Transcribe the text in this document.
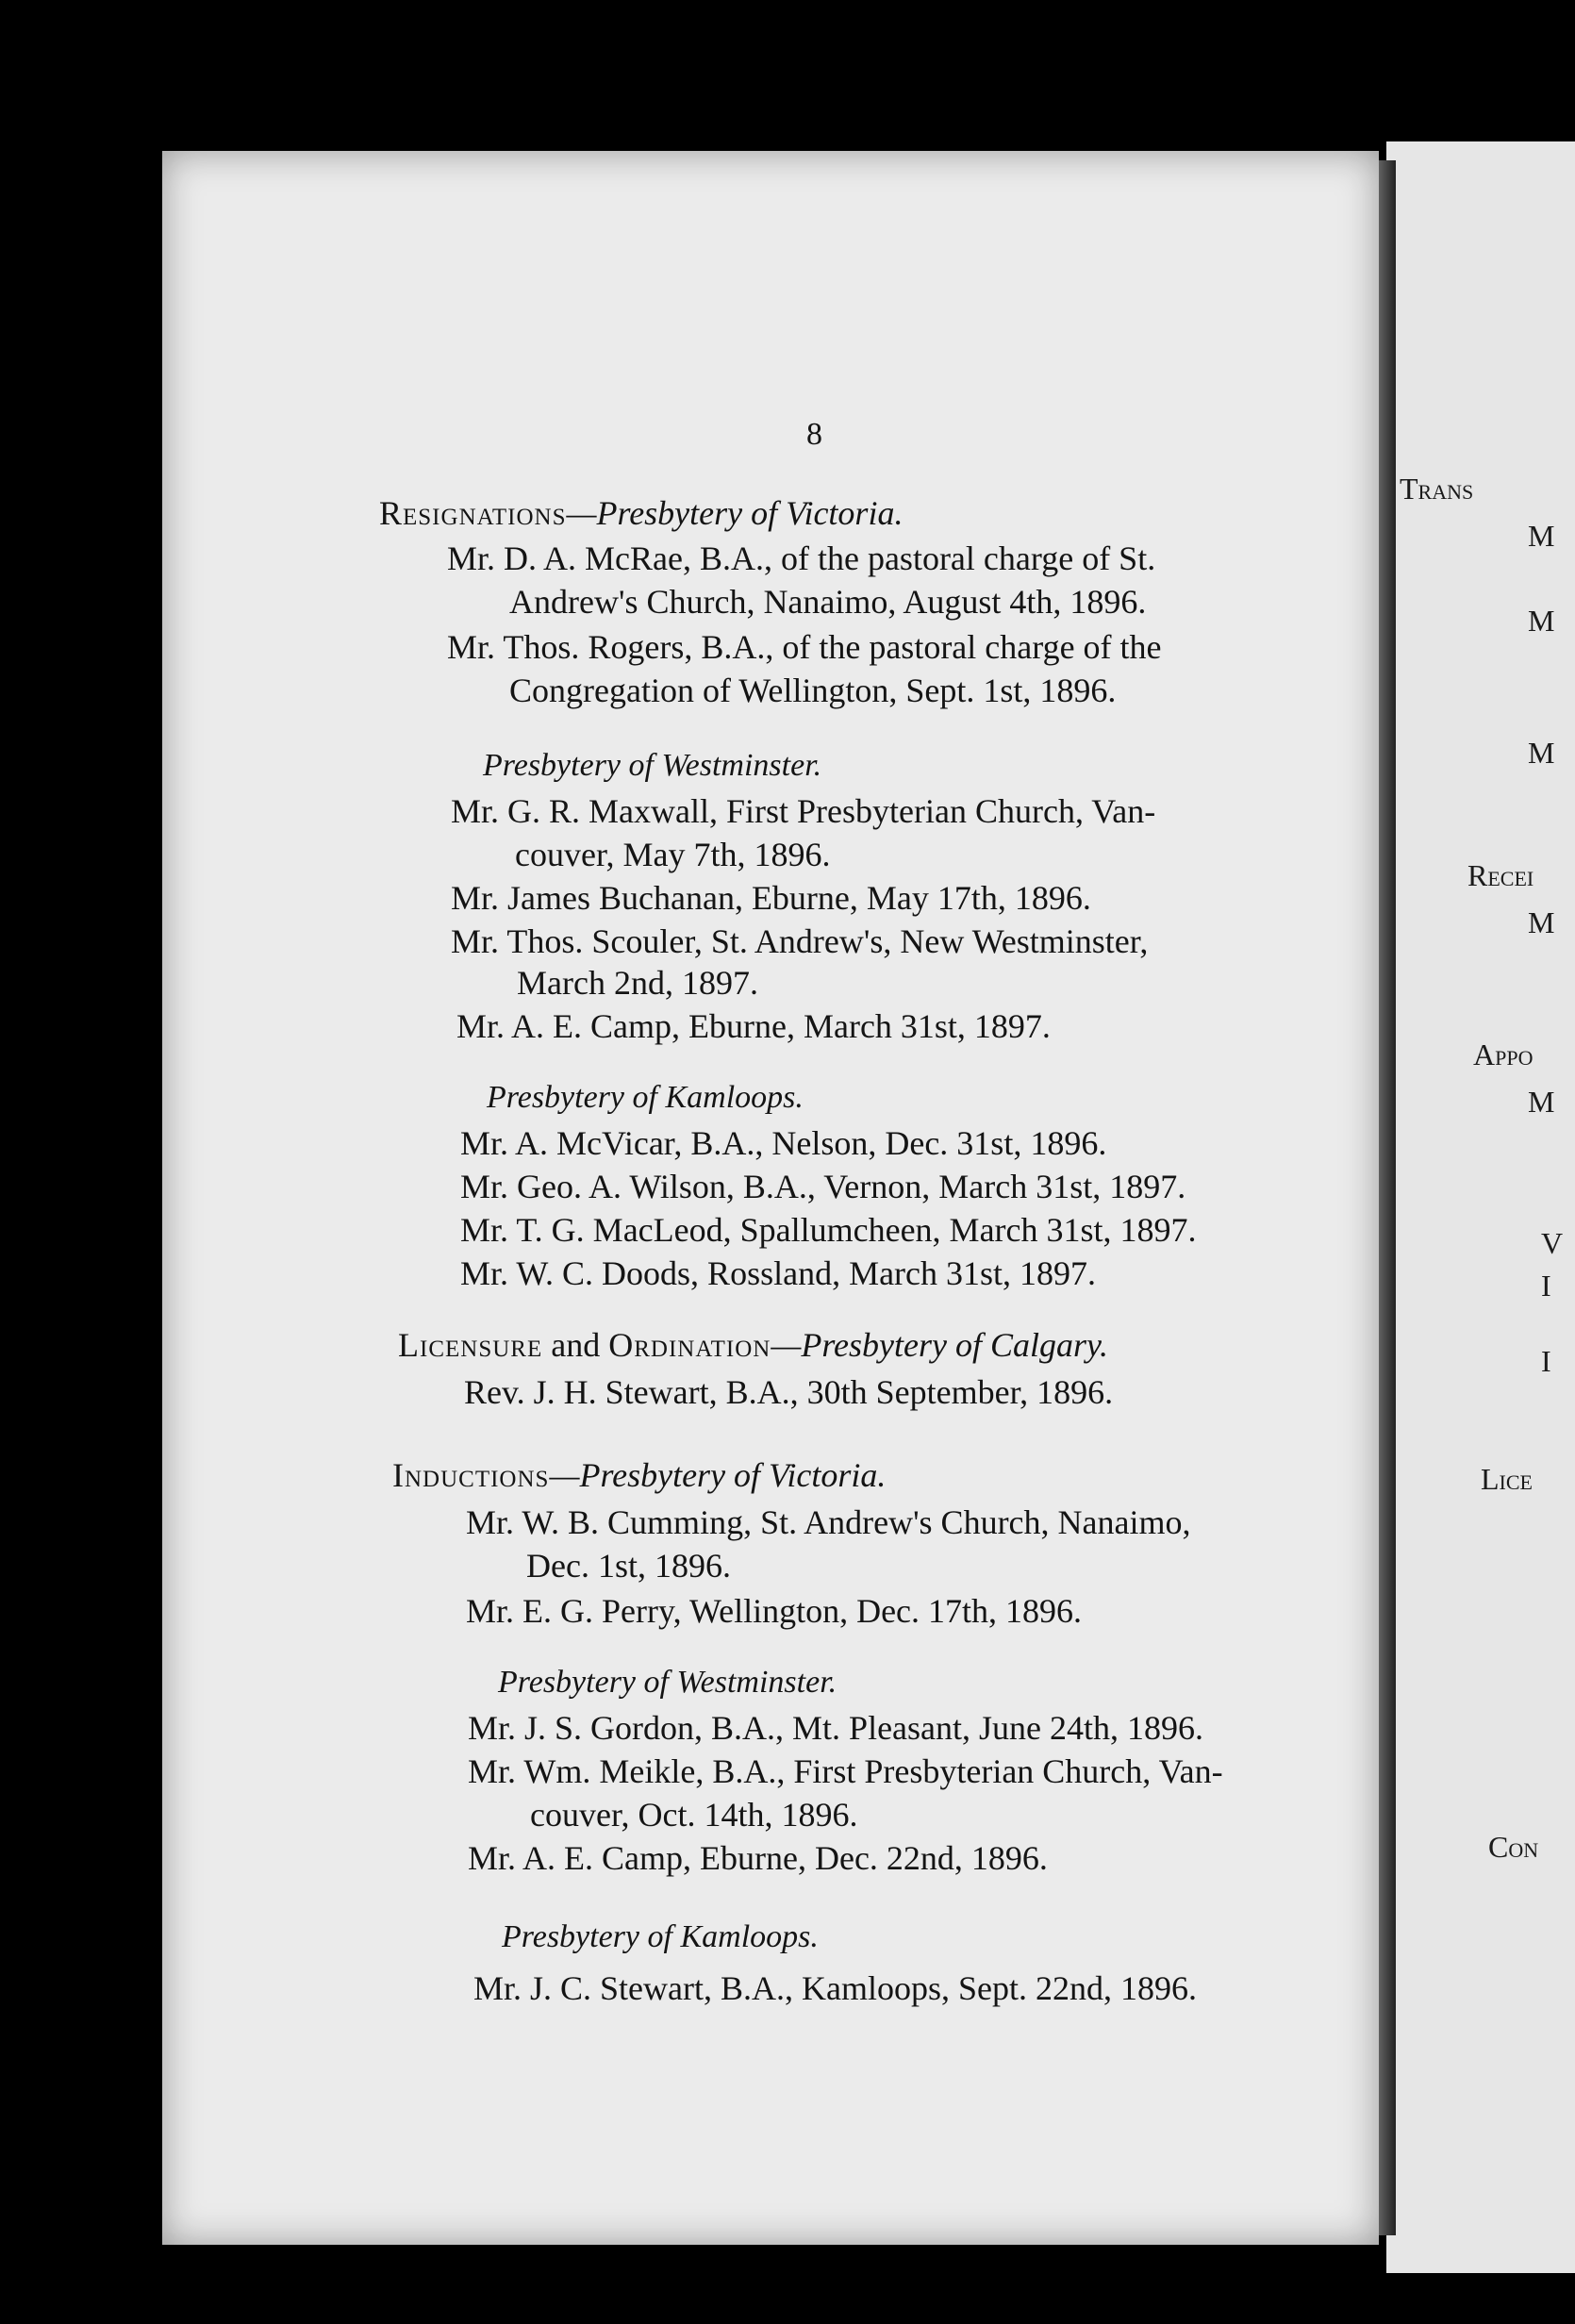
Trans
M
M
M
Recei
M
Appo
M
V
I
I
Lice
Con
8
Resignations—Presbytery of Victoria.
Mr. D. A. McRae, B.A., of the pastoral charge of St.
Andrew's Church, Nanaimo, August 4th, 1896.
Mr. Thos. Rogers, B.A., of the pastoral charge of the
Congregation of Wellington, Sept. 1st, 1896.
Presbytery of Westminster.
Mr. G. R. Maxwall, First Presbyterian Church, Van-
couver, May 7th, 1896.
Mr. James Buchanan, Eburne, May 17th, 1896.
Mr. Thos. Scouler, St. Andrew's, New Westminster,
March 2nd, 1897.
Mr. A. E. Camp, Eburne, March 31st, 1897.
Presbytery of Kamloops.
Mr. A. McVicar, B.A., Nelson, Dec. 31st, 1896.
Mr. Geo. A. Wilson, B.A., Vernon, March 31st, 1897.
Mr. T. G. MacLeod, Spallumcheen, March 31st, 1897.
Mr. W. C. Doods, Rossland, March 31st, 1897.
Licensure and Ordination—Presbytery of Calgary.
Rev. J. H. Stewart, B.A., 30th September, 1896.
Inductions—Presbytery of Victoria.
Mr. W. B. Cumming, St. Andrew's Church, Nanaimo,
Dec. 1st, 1896.
Mr. E. G. Perry, Wellington, Dec. 17th, 1896.
Presbytery of Westminster.
Mr. J. S. Gordon, B.A., Mt. Pleasant, June 24th, 1896.
Mr. Wm. Meikle, B.A., First Presbyterian Church, Van-
couver, Oct. 14th, 1896.
Mr. A. E. Camp, Eburne, Dec. 22nd, 1896.
Presbytery of Kamloops.
Mr. J. C. Stewart, B.A., Kamloops, Sept. 22nd, 1896.
